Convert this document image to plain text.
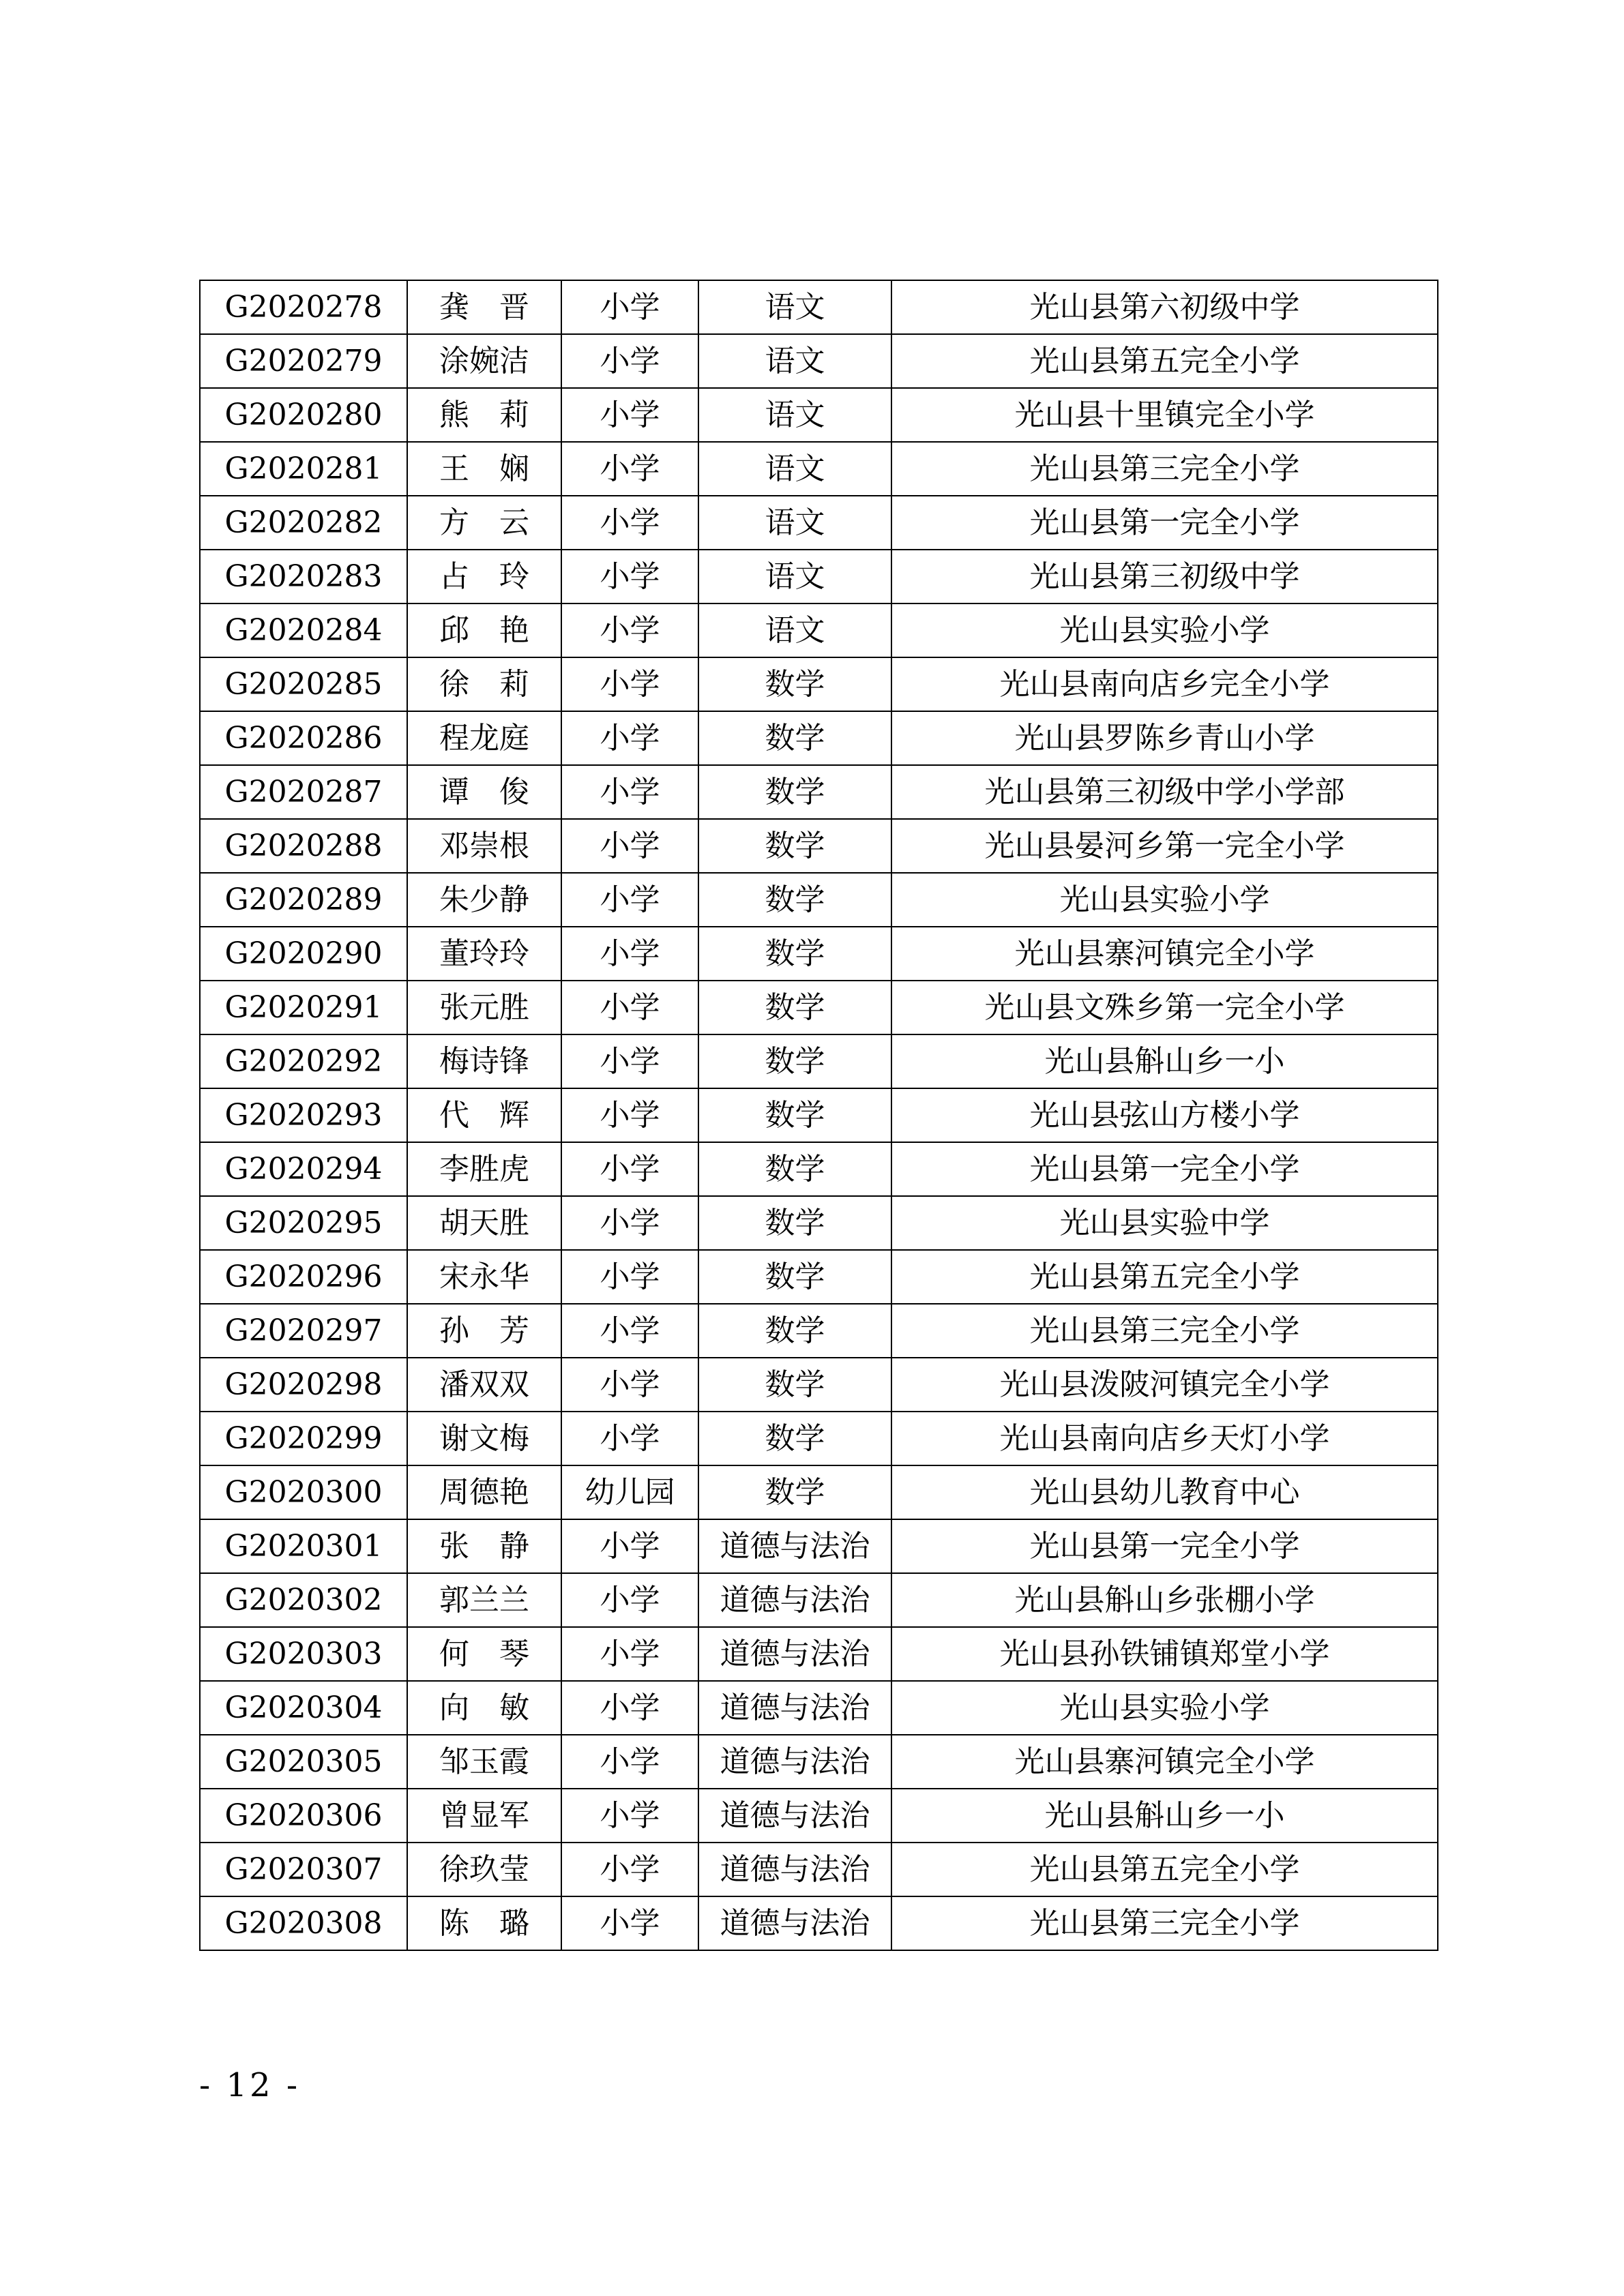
G2020278	龚　晋	小学	语文	光山县第六初级中学
G2020279	涂婉洁	小学	语文	光山县第五完全小学
G2020280	熊　莉	小学	语文	光山县十里镇完全小学
G2020281	王　娴	小学	语文	光山县第三完全小学
G2020282	方　云	小学	语文	光山县第一完全小学
G2020283	占　玲	小学	语文	光山县第三初级中学
G2020284	邱　艳	小学	语文	光山县实验小学
G2020285	徐　莉	小学	数学	光山县南向店乡完全小学
G2020286	程龙庭	小学	数学	光山县罗陈乡青山小学
G2020287	谭　俊	小学	数学	光山县第三初级中学小学部
G2020288	邓崇根	小学	数学	光山县晏河乡第一完全小学
G2020289	朱少静	小学	数学	光山县实验小学
G2020290	董玲玲	小学	数学	光山县寨河镇完全小学
G2020291	张元胜	小学	数学	光山县文殊乡第一完全小学
G2020292	梅诗锋	小学	数学	光山县斛山乡一小
G2020293	代　辉	小学	数学	光山县弦山方楼小学
G2020294	李胜虎	小学	数学	光山县第一完全小学
G2020295	胡天胜	小学	数学	光山县实验中学
G2020296	宋永华	小学	数学	光山县第五完全小学
G2020297	孙　芳	小学	数学	光山县第三完全小学
G2020298	潘双双	小学	数学	光山县泼陂河镇完全小学
G2020299	谢文梅	小学	数学	光山县南向店乡天灯小学
G2020300	周德艳	幼儿园	数学	光山县幼儿教育中心
G2020301	张　静	小学	道德与法治	光山县第一完全小学
G2020302	郭兰兰	小学	道德与法治	光山县斛山乡张棚小学
G2020303	何　琴	小学	道德与法治	光山县孙铁铺镇郑堂小学
G2020304	向　敏	小学	道德与法治	光山县实验小学
G2020305	邹玉霞	小学	道德与法治	光山县寨河镇完全小学
G2020306	曾显军	小学	道德与法治	光山县斛山乡一小
G2020307	徐玖莹	小学	道德与法治	光山县第五完全小学
G2020308	陈　璐	小学	道德与法治	光山县第三完全小学
- 12 -
